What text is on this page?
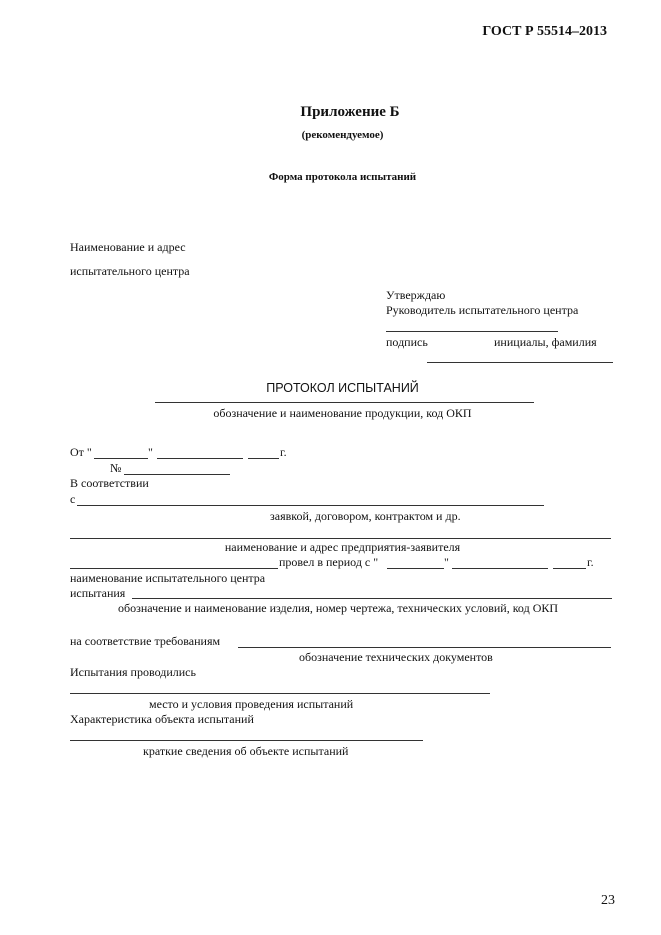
ГОСТ Р 55514–2013
Приложение Б
(рекомендуемое)
Форма протокола испытаний
Наименование и адрес
испытательного центра
Утверждаю
Руководитель испытательного центра
подпись	инициалы, фамилия
ПРОТОКОЛ ИСПЫТАНИЙ
обозначение и наименование продукции, код ОКП
От "	"	г.
№
В соответствии
с
заявкой, договором, контрактом и др.
наименование и адрес предприятия-заявителя
провел в период с "	"	г.
наименование испытательного центра
испытания
обозначение и наименование изделия, номер чертежа, технических условий, код ОКП
на соответствие требованиям
обозначение технических документов
Испытания проводились
место и условия проведения испытаний
Характеристика объекта испытаний
краткие сведения об объекте испытаний
23
